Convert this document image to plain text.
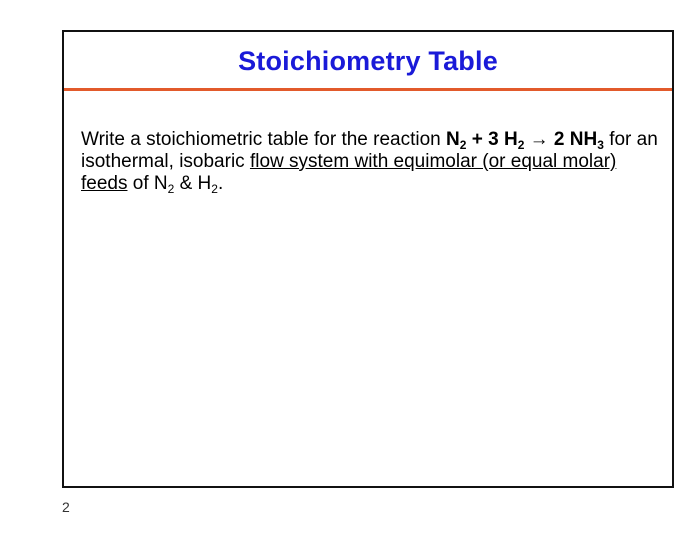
Stoichiometry Table
Write a stoichiometric table for the reaction $N_2 + 3$ $H_2 \to 2$ $NH_3$ for an isothermal, isobaric flow system with equimolar (or equal molar) feeds of $N_2$ & $H_2$.
2
